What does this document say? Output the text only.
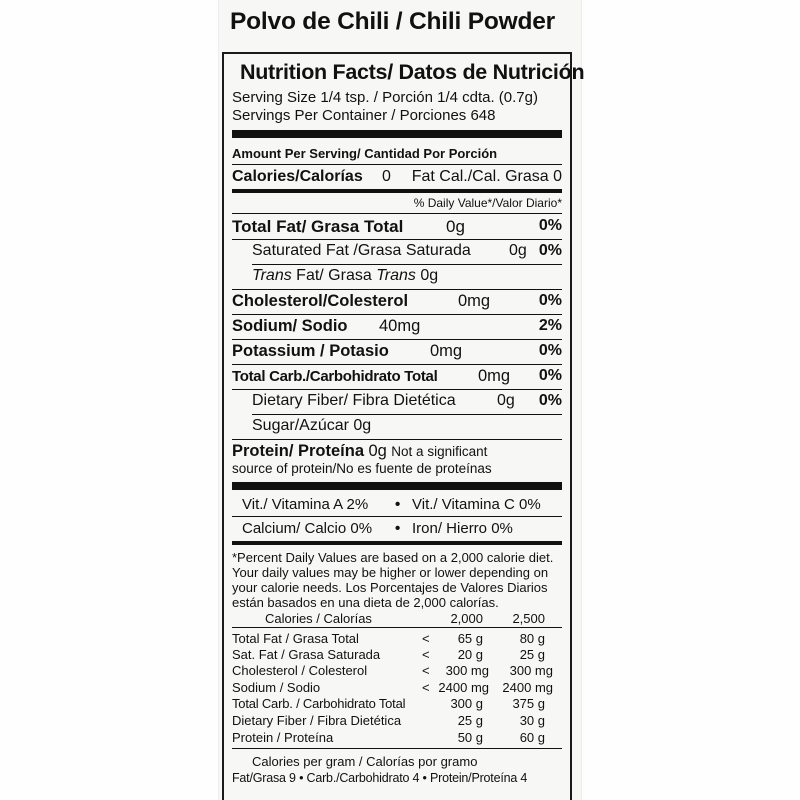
Polvo de Chili / Chili Powder
Nutrition Facts/ Datos de Nutrición
Serving Size 1/4 tsp. / Porción 1/4 cdta. (0.7g)
Servings Per Container / Porciones 648
Amount Per Serving/ Cantidad Por Porción
Calories/Calorías 0 Fat Cal./Cal. Grasa 0
% Daily Value*/Valor Diario*
Total Fat/ Grasa Total	0g	0%
Saturated Fat /Grasa Saturada 0g 0%
Trans Fat/ Grasa Trans 0g
Cholesterol/Colesterol	0mg	0%
Sodium/ Sodio 40mg	2%
Potassium / Potasio 0mg	0%
Total Carb./Carbohidrato Total 0mg 0%
Dietary Fiber/ Fibra Dietética	0g 0%
Sugar/Azúcar 0g
Protein/ Proteína 0g Not a significant
source of protein/No es fuente de proteínas
Vit./ Vitamina A 2% • Vit./ Vitamina C 0%
Calcium/ Calcio 0% • Iron/ Hierro 0%
*Percent Daily Values are based on a 2,000 calorie diet.
Your daily values may be higher or lower depending on
your calorie needs. Los Porcentajes de Valores Diarios
están basados en una dieta de 2,000 calorías.
Calories / Calorías	2,000	2,500
Total Fat / Grasa Total	<	65 g	80 g
Sat. Fat / Grasa Saturada	<	20 g	25 g
Cholesterol / Colesterol	<	300 mg	300 mg
Sodium / Sodio	< 2400 mg	2400 mg
Total Carb. / Carbohidrato Total	300 g	375 g
Dietary Fiber / Fibra Dietética	25 g	30 g
Protein / Proteína	50 g	60 g
Calories per gram / Calorías por gramo
Fat/Grasa 9 • Carb./Carbohidrato 4 • Protein/Proteína 4
